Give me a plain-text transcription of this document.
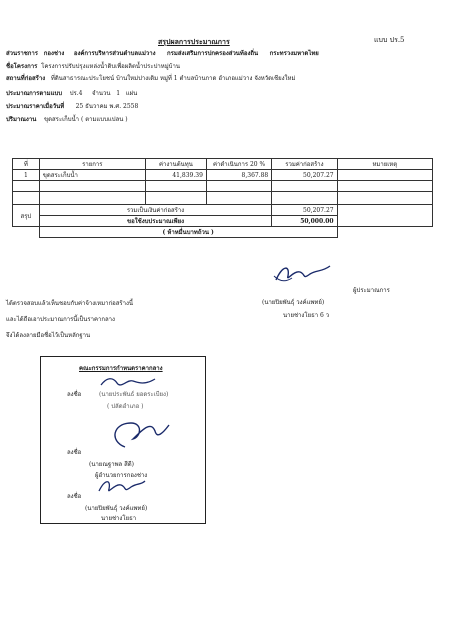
สรุปผลการประมาณการ	แบบ ปร.5
ส่วนราชการ กองช่าง องค์การบริหารส่วนตำบลแม่วาง กรมส่งเสริมการปกครองส่วนท้องถิ่น กระทรวงมหาดไทย
ชื่อโครงการ โครงการปรับปรุงแหล่งน้ำดิบเพื่อผลิตน้ำประปาหมู่บ้าน
สถานที่ก่อสร้าง ที่ดินสาธารณะประโยชน์ บ้านใหม่ปางเดิม หมู่ที่ 1 ตำบลบ้านกาด อำเภอแม่วาง จังหวัดเชียงใหม่
ประมาณการตามแบบ ปร.4 จำนวน 1 แผ่น
ประมาณราคาเมื่อวันที่ 25 ธันวาคม พ.ศ. 2558
ปริมาณงาน ขุดสระเก็บน้ำ ( ตามแบบแปลน )
ที่	รายการ	ค่างานต้นทุน	ค่าดำเนินการ 20 %	รวมค่าก่อสร้าง	หมายเหตุ
1	ขุดสระเก็บน้ำ	41,839.39	8,367.88	50,207.27	

สรุป	รวมเป็นเงินค่าก่อสร้าง			50,207.27	
	ขอใช้งบประมาณเพียง			50,000.00	
	( ห้าหมื่นบาทถ้วน )				
ผู้ประมาณการ
(นายปิยพันธุ์ วงค์แพทย์)
นายช่างโยธา 6 ว
ได้ตรวจสอบแล้วเห็นชอบกับค่าจ้างเหมาก่อสร้างนี้
และได้ถือเอาประมาณการนี้เป็นราคากลาง
จึงได้ลงลายมือชื่อไว้เป็นหลักฐาน
คณะกรรมการกำหนดราคากลาง
ลงชื่อ	(นายประพันธ์ ยอดระเบียง)
( ปลัดอำเภอ )
ลงชื่อ
(นายณฐาพล สีดี)
ผู้อำนวยการกองช่าง
ลงชื่อ
(นายปิยพันธุ์ วงค์แพทย์)
นายช่างโยธา
